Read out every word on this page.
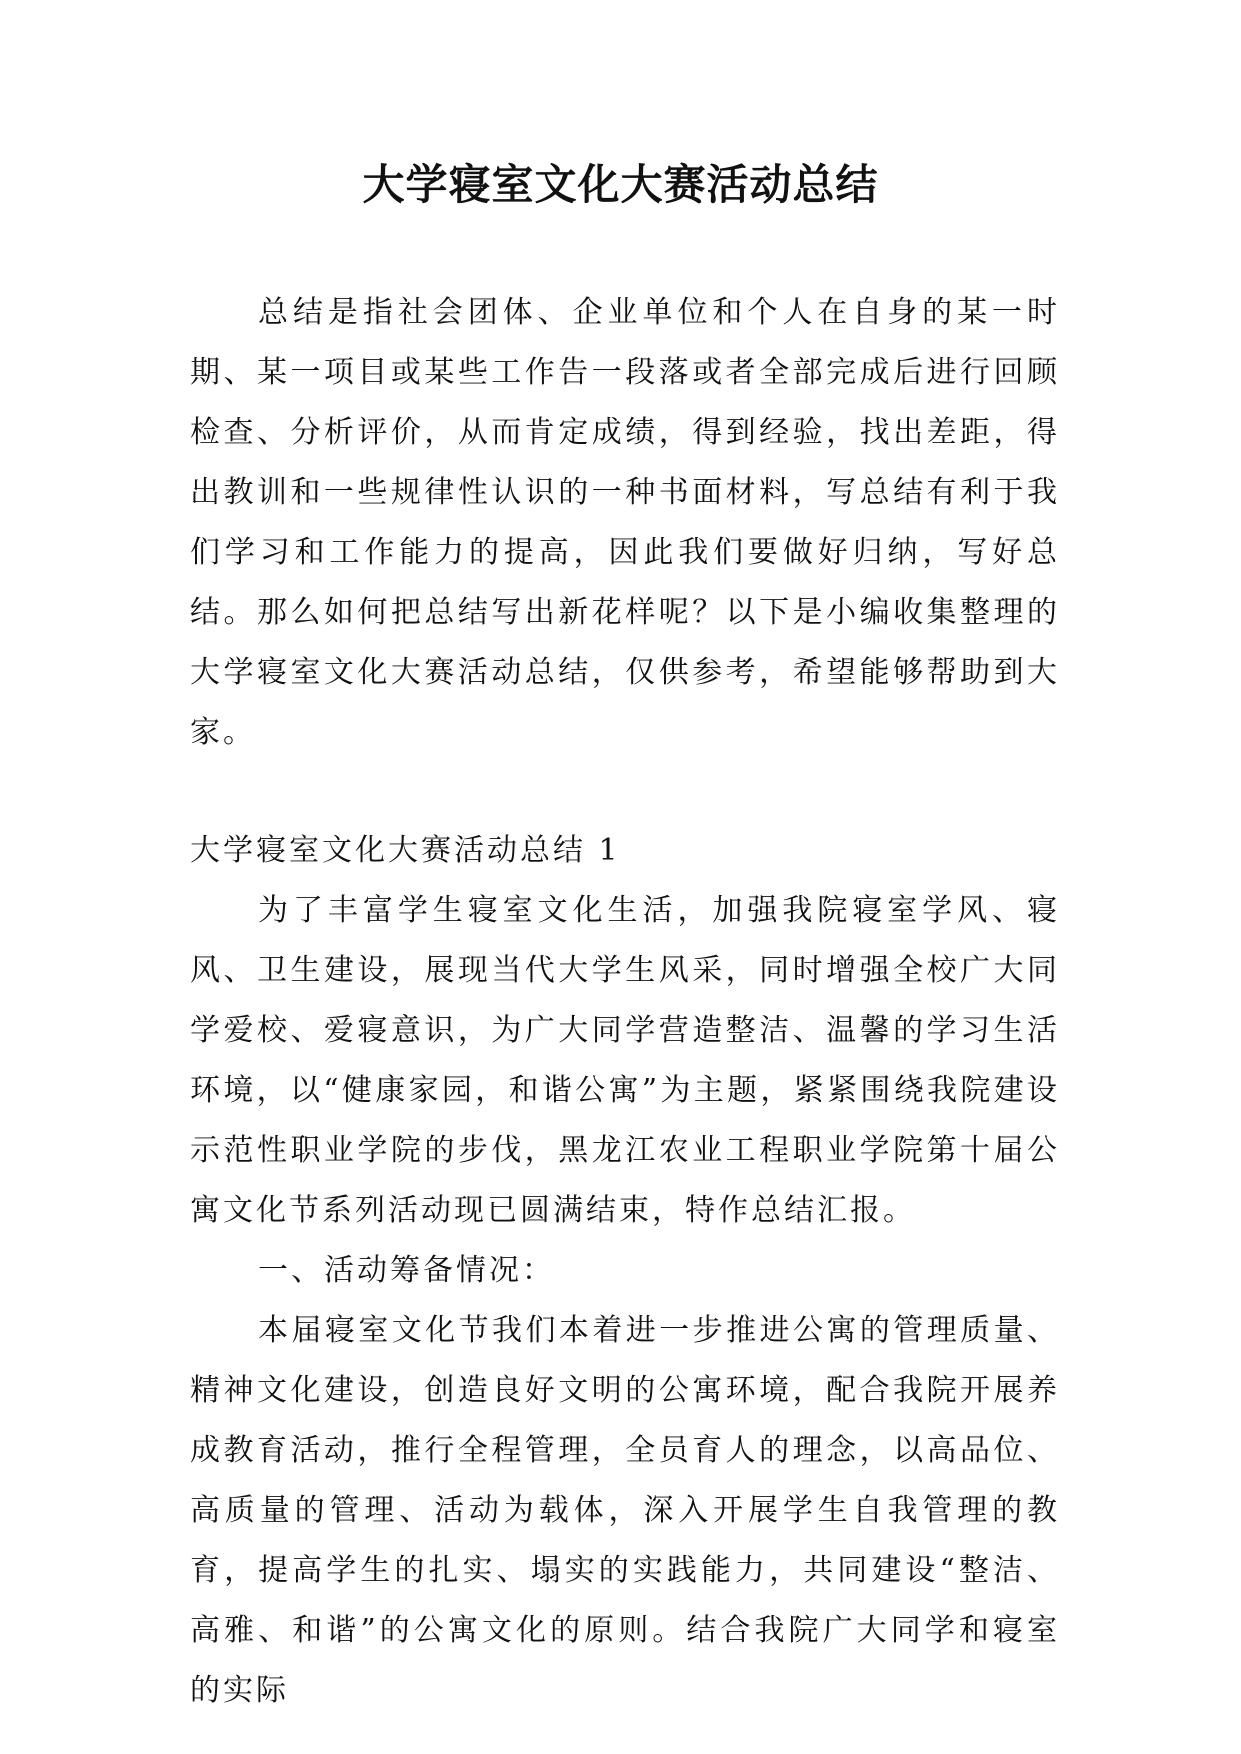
大学寝室文化大赛活动总结

总结是指社会团体、企业单位和个人在自身的某一时期、某一项目或某些工作告一段落或者全部完成后进行回顾检查、分析评价，从而肯定成绩，得到经验，找出差距，得出教训和一些规律性认识的一种书面材料，写总结有利于我们学习和工作能力的提高，因此我们要做好归纳，写好总结。那么如何把总结写出新花样呢？以下是小编收集整理的大学寝室文化大赛活动总结，仅供参考，希望能够帮助到大家。

大学寝室文化大赛活动总结 1

为了丰富学生寝室文化生活，加强我院寝室学风、寝风、卫生建设，展现当代大学生风采，同时增强全校广大同学爱校、爱寝意识，为广大同学营造整洁、温馨的学习生活环境，以“健康家园，和谐公寓”为主题，紧紧围绕我院建设示范性职业学院的步伐，黑龙江农业工程职业学院第十届公寓文化节系列活动现已圆满结束，特作总结汇报。

一、活动筹备情况：

本届寝室文化节我们本着进一步推进公寓的管理质量、精神文化建设，创造良好文明的公寓环境，配合我院开展养成教育活动，推行全程管理，全员育人的理念，以高品位、高质量的管理、活动为载体，深入开展学生自我管理的教育，提高学生的扎实、塌实的实践能力，共同建设“整洁、高雅、和谐”的公寓文化的原则。结合我院广大同学和寝室的实际
